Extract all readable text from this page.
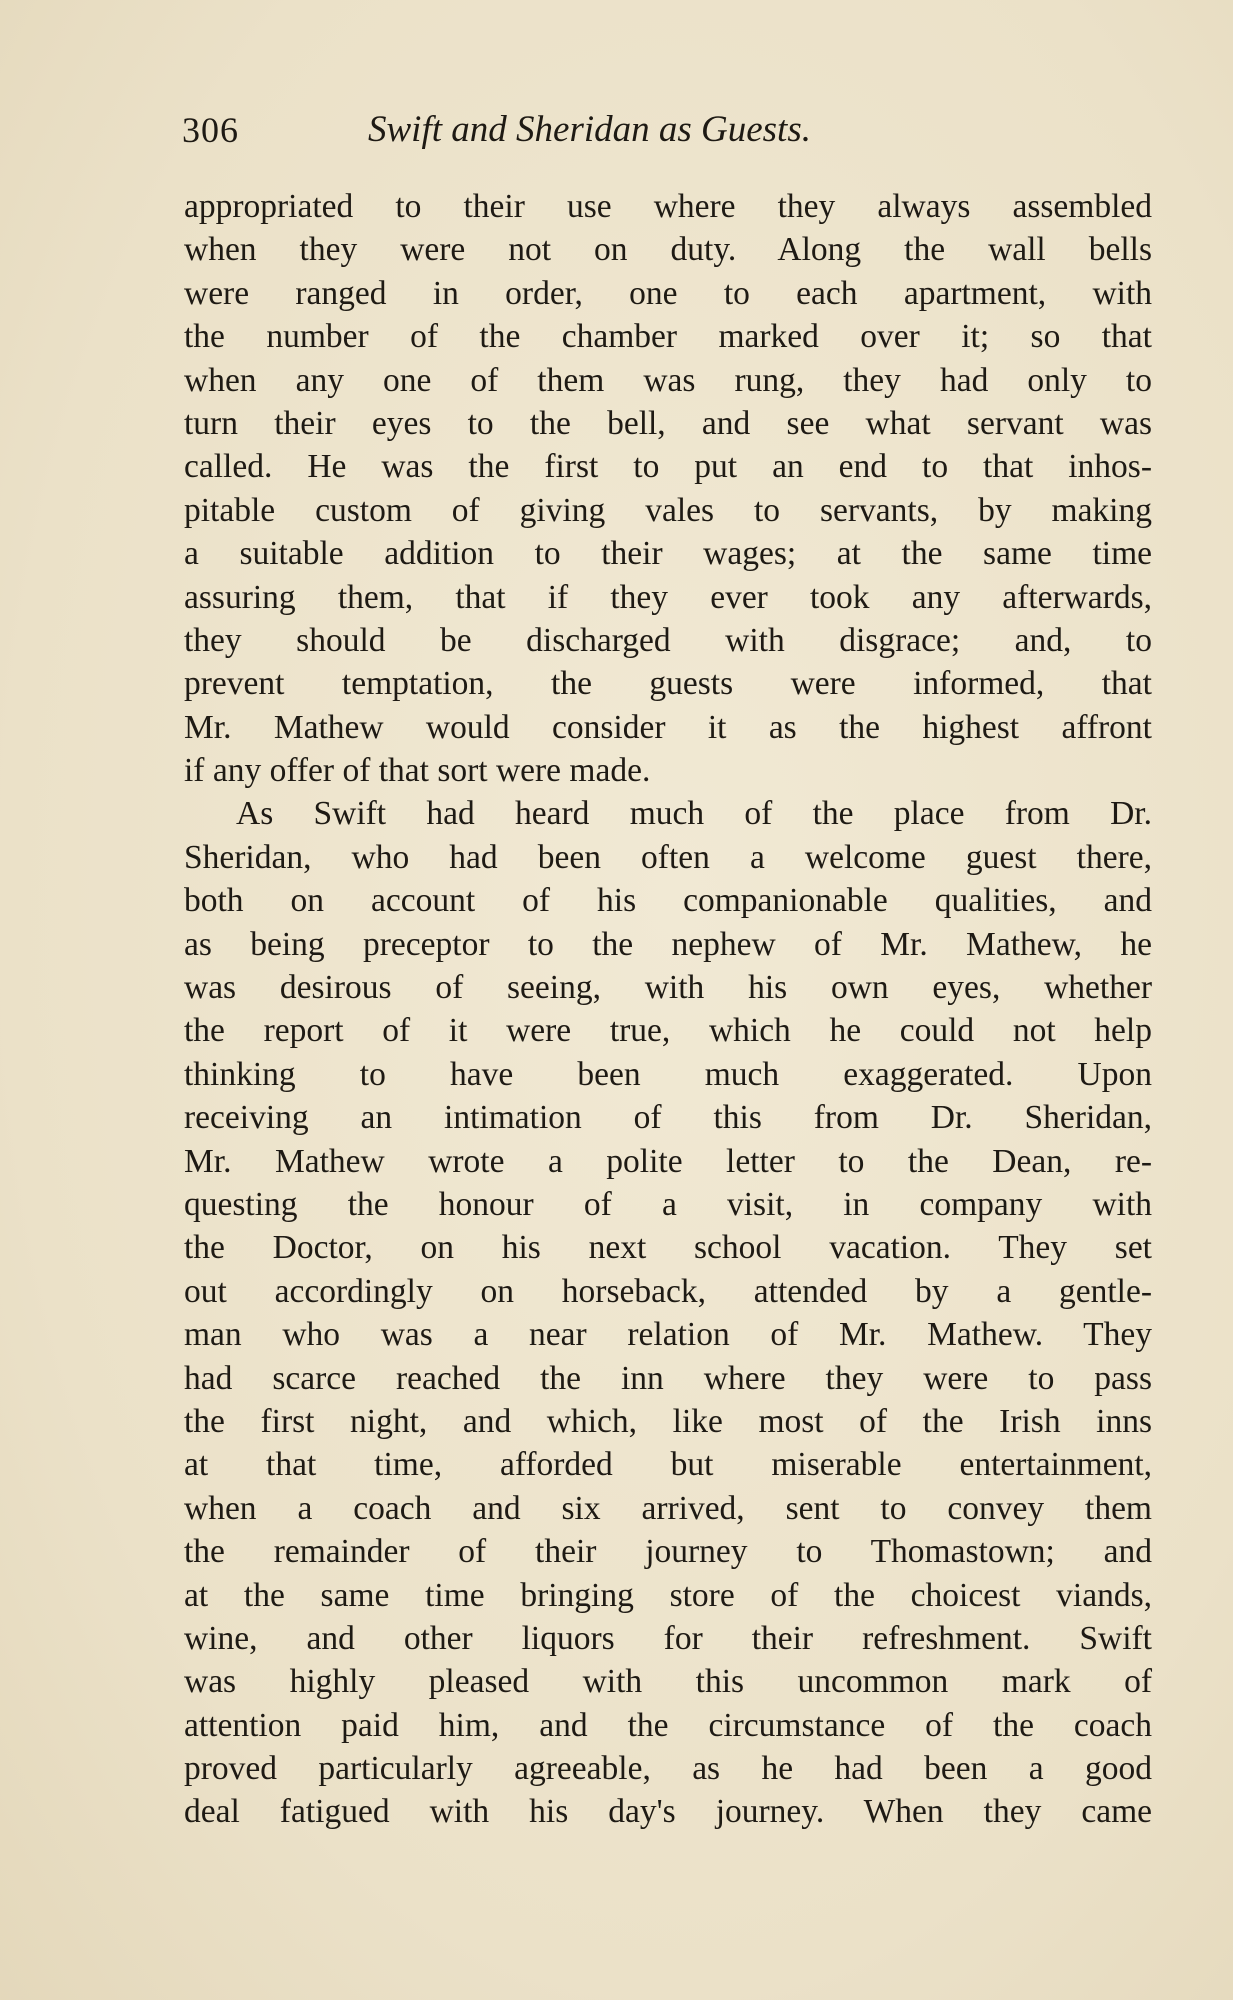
306	Swift and Sheridan as Guests.
appropriated to their use where they always assembled
when they were not on duty. Along the wall bells
were ranged in order, one to each apartment, with
the number of the chamber marked over it; so that
when any one of them was rung, they had only to
turn their eyes to the bell, and see what servant was
called. He was the first to put an end to that inhos-
pitable custom of giving vales to servants, by making
a suitable addition to their wages; at the same time
assuring them, that if they ever took any afterwards,
they should be discharged with disgrace; and, to
prevent temptation, the guests were informed, that
Mr. Mathew would consider it as the highest affront
if any offer of that sort were made.
As Swift had heard much of the place from Dr.
Sheridan, who had been often a welcome guest there,
both on account of his companionable qualities, and
as being preceptor to the nephew of Mr. Mathew, he
was desirous of seeing, with his own eyes, whether
the report of it were true, which he could not help
thinking to have been much exaggerated. Upon
receiving an intimation of this from Dr. Sheridan,
Mr. Mathew wrote a polite letter to the Dean, re-
questing the honour of a visit, in company with
the Doctor, on his next school vacation. They set
out accordingly on horseback, attended by a gentle-
man who was a near relation of Mr. Mathew. They
had scarce reached the inn where they were to pass
the first night, and which, like most of the Irish inns
at that time, afforded but miserable entertainment,
when a coach and six arrived, sent to convey them
the remainder of their journey to Thomastown; and
at the same time bringing store of the choicest viands,
wine, and other liquors for their refreshment. Swift
was highly pleased with this uncommon mark of
attention paid him, and the circumstance of the coach
proved particularly agreeable, as he had been a good
deal fatigued with his day's journey. When they came
